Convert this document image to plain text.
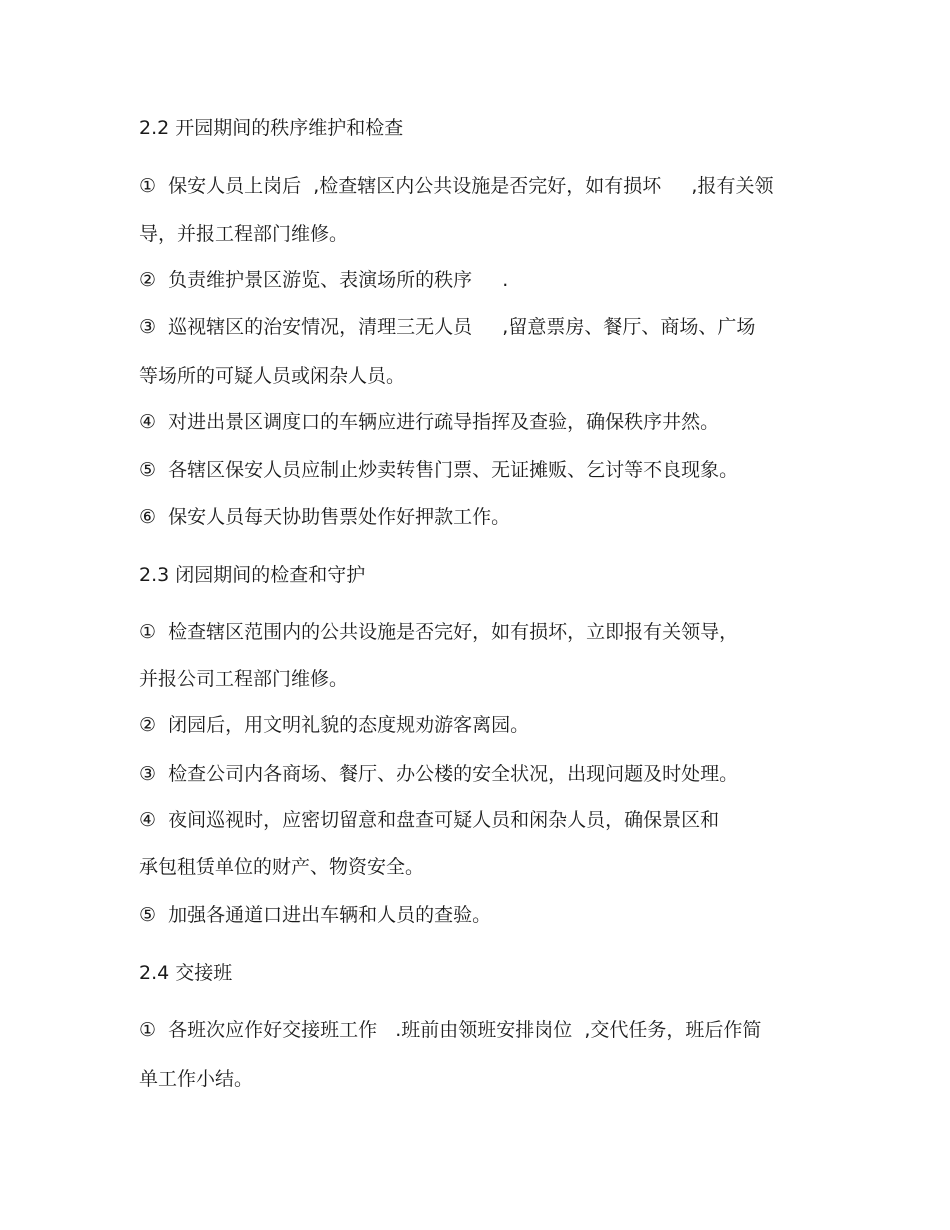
2.2 开园期间的秩序维护和检查
①  保安人员上岗后  ,检查辖区内公共设施是否完好，如有损坏     ,报有关领
导，并报工程部门维修。
②  负责维护景区游览、表演场所的秩序     .
③  巡视辖区的治安情况，清理三无人员     ,留意票房、餐厅、商场、广场
等场所的可疑人员或闲杂人员。
④  对进出景区调度口的车辆应进行疏导指挥及查验，确保秩序井然。
⑤  各辖区保安人员应制止炒卖转售门票、无证摊贩、乞讨等不良现象。
⑥  保安人员每天协助售票处作好押款工作。
2.3 闭园期间的检查和守护
①  检查辖区范围内的公共设施是否完好，如有损坏，立即报有关领导，
并报公司工程部门维修。
②  闭园后，用文明礼貌的态度规劝游客离园。
③  检查公司内各商场、餐厅、办公楼的安全状况，出现问题及时处理。
④  夜间巡视时，应密切留意和盘查可疑人员和闲杂人员，确保景区和
承包租赁单位的财产、物资安全。
⑤  加强各通道口进出车辆和人员的查验。
2.4 交接班
①  各班次应作好交接班工作   .班前由领班安排岗位  ,交代任务，班后作简
单工作小结。
